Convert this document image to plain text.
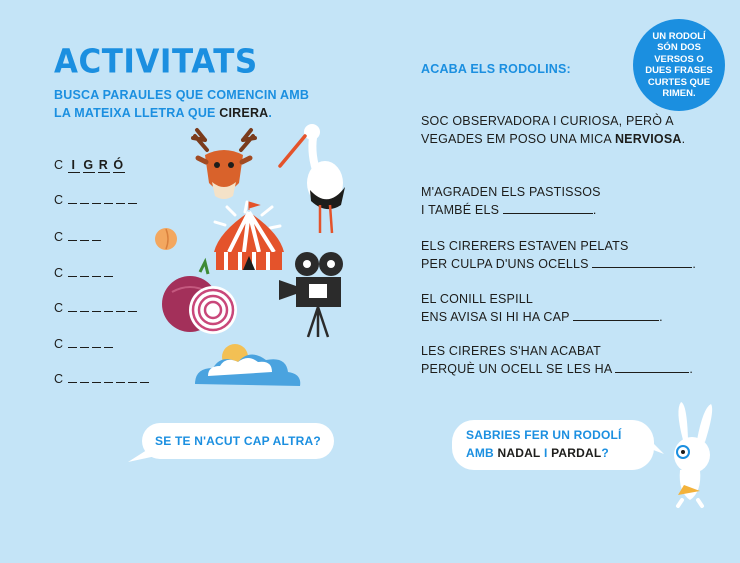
ACTIVITATS
BUSCA PARAULES QUE COMENCIN AMB
LA MATEIXA LLETRA QUE CIRERA.
C I G R Ó
C
C
C
C
C
C
SE TE N'ACUT CAP ALTRA?
ACABA ELS RODOLINS:
UN RODOLÍ SÓN DOS VERSOS O DUES FRASES CURTES QUE RIMEN.
SOC OBSERVADORA I CURIOSA, PERÒ A
VEGADES EM POSO UNA MICA NERVIOSA.
M'AGRADEN ELS PASTISSOS
I TAMBÉ ELS	.
ELS CIRERERS ESTAVEN PELATS
PER CULPA D'UNS OCELLS	.
EL CONILL ESPILL
ENS AVISA SI HI HA CAP	.
LES CIRERES S'HAN ACABAT
PERQUÈ UN OCELL SE LES HA	.
SABRIES FER UN RODOLÍ
AMB NADAL I PARDAL?
